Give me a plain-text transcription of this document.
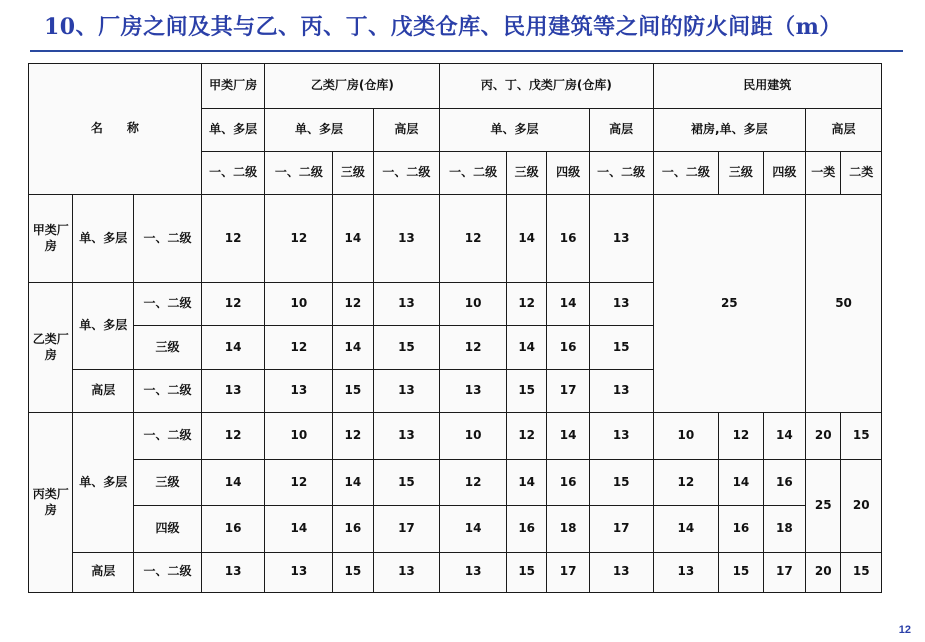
10、厂房之间及其与乙、丙、丁、戊类仓库、民用建筑等之间的防火间距（m）
名　　称			甲类厂房	乙类厂房(仓库)			丙、丁、戊类厂房(仓库)				民用建筑				
			单、多层	单、多层		高层	单、多层			高层	裙房,单、多层			高层	
			一、二级	一、二级	三级	一、二级	一、二级	三级	四级	一、二级	一、二级	三级	四级	一类	二类
甲类厂房	单、多层	一、二级	12	12	14	13	12	14	16	13	25			50	
乙类厂房	单、多层	一、二级	12	10	12	13	10	12	14	13					
		三级	14	12	14	15	12	14	16	15					
	高层	一、二级	13	13	15	13	13	15	17	13					
丙类厂房	单、多层	一、二级	12	10	12	13	10	12	14	13	10	12	14	20	15
		三级	14	12	14	15	12	14	16	15	12	14	16	25	20
		四级	16	14	16	17	14	16	18	17	14	16	18		
	高层	一、二级	13	13	15	13	13	15	17	13	13	15	17	20	15
12
